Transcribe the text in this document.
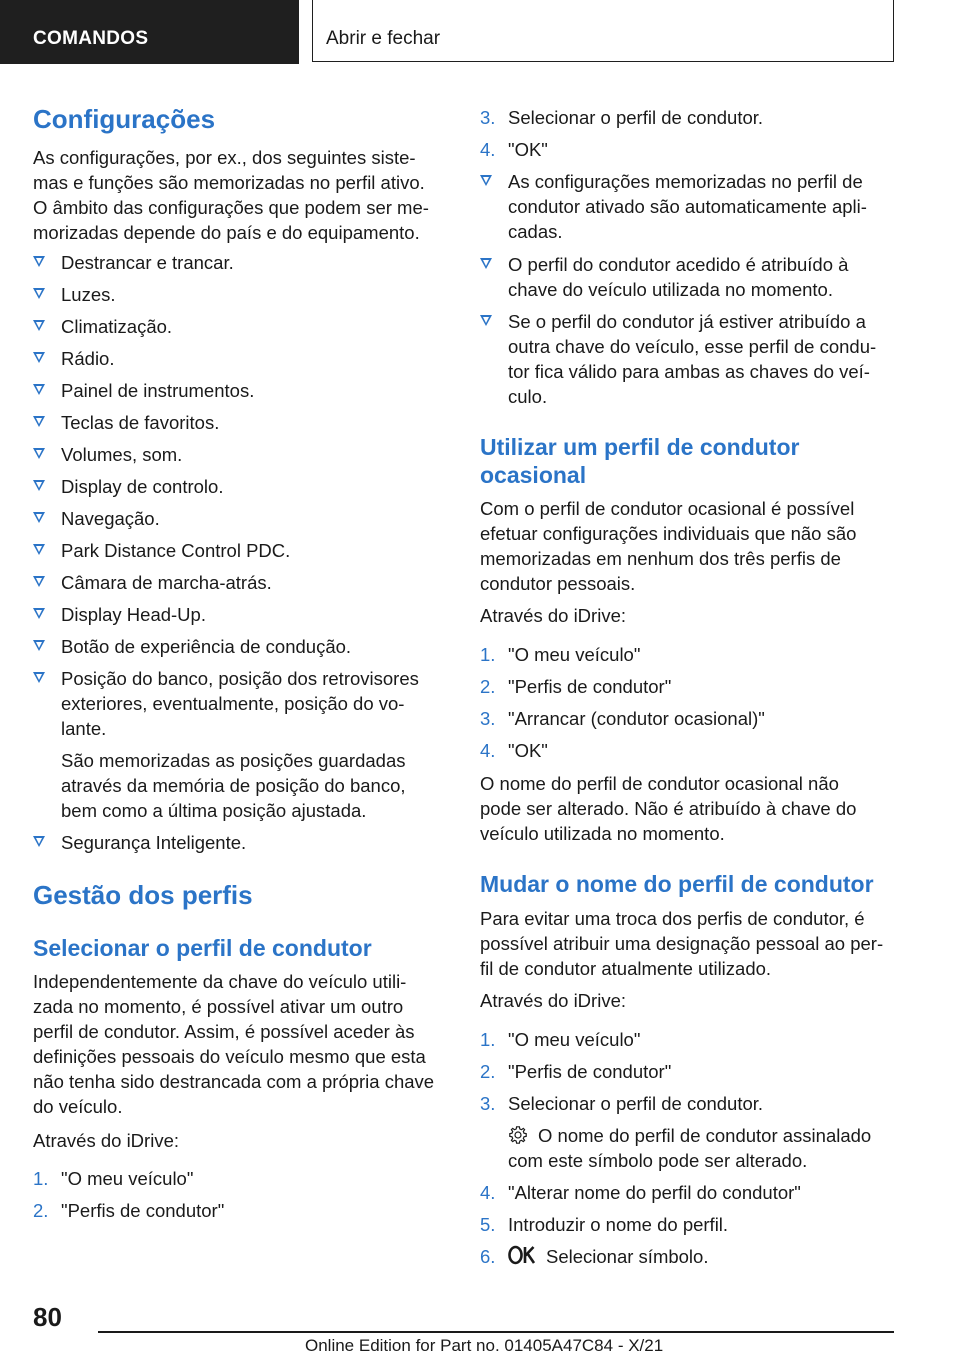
COMANDOS	Abrir e fechar
Configurações
As configurações, por ex., dos seguintes siste-
mas e funções são memorizadas no perfil ativo.
O âmbito das configurações que podem ser me-
morizadas depende do país e do equipamento.
Destrancar e trancar.
Luzes.
Climatização.
Rádio.
Painel de instrumentos.
Teclas de favoritos.
Volumes, som.
Display de controlo.
Navegação.
Park Distance Control PDC.
Câmara de marcha-atrás.
Display Head-Up.
Botão de experiência de condução.
Posição do banco, posição dos retrovisores
exteriores, eventualmente, posição do vo-
lante.
São memorizadas as posições guardadas
através da memória de posição do banco,
bem como a última posição ajustada.
Segurança Inteligente.
Gestão dos perfis
Selecionar o perfil de condutor
Independentemente da chave do veículo utili-
zada no momento, é possível ativar um outro
perfil de condutor. Assim, é possível aceder às
definições pessoais do veículo mesmo que esta
não tenha sido destrancada com a própria chave
do veículo.
Através do iDrive:
1. "O meu veículo"
2. "Perfis de condutor"
3. Selecionar o perfil de condutor.
4. "OK"
As configurações memorizadas no perfil de
condutor ativado são automaticamente apli-
cadas.
O perfil do condutor acedido é atribuído à
chave do veículo utilizada no momento.
Se o perfil do condutor já estiver atribuído a
outra chave do veículo, esse perfil de condu-
tor fica válido para ambas as chaves do veí-
culo.
Utilizar um perfil de condutor
ocasional
Com o perfil de condutor ocasional é possível
efetuar configurações individuais que não são
memorizadas em nenhum dos três perfis de
condutor pessoais.
Através do iDrive:
1. "O meu veículo"
2. "Perfis de condutor"
3. "Arrancar (condutor ocasional)"
4. "OK"
O nome do perfil de condutor ocasional não
pode ser alterado. Não é atribuído à chave do
veículo utilizada no momento.
Mudar o nome do perfil de condutor
Para evitar uma troca dos perfis de condutor, é
possível atribuir uma designação pessoal ao per-
fil de condutor atualmente utilizado.
Através do iDrive:
1. "O meu veículo"
2. "Perfis de condutor"
3. Selecionar o perfil de condutor.
O nome do perfil de condutor assinalado
com este símbolo pode ser alterado.
4. "Alterar nome do perfil do condutor"
5. Introduzir o nome do perfil.
6.	Selecionar símbolo.
80
Online Edition for Part no. 01405A47C84 - X/21
